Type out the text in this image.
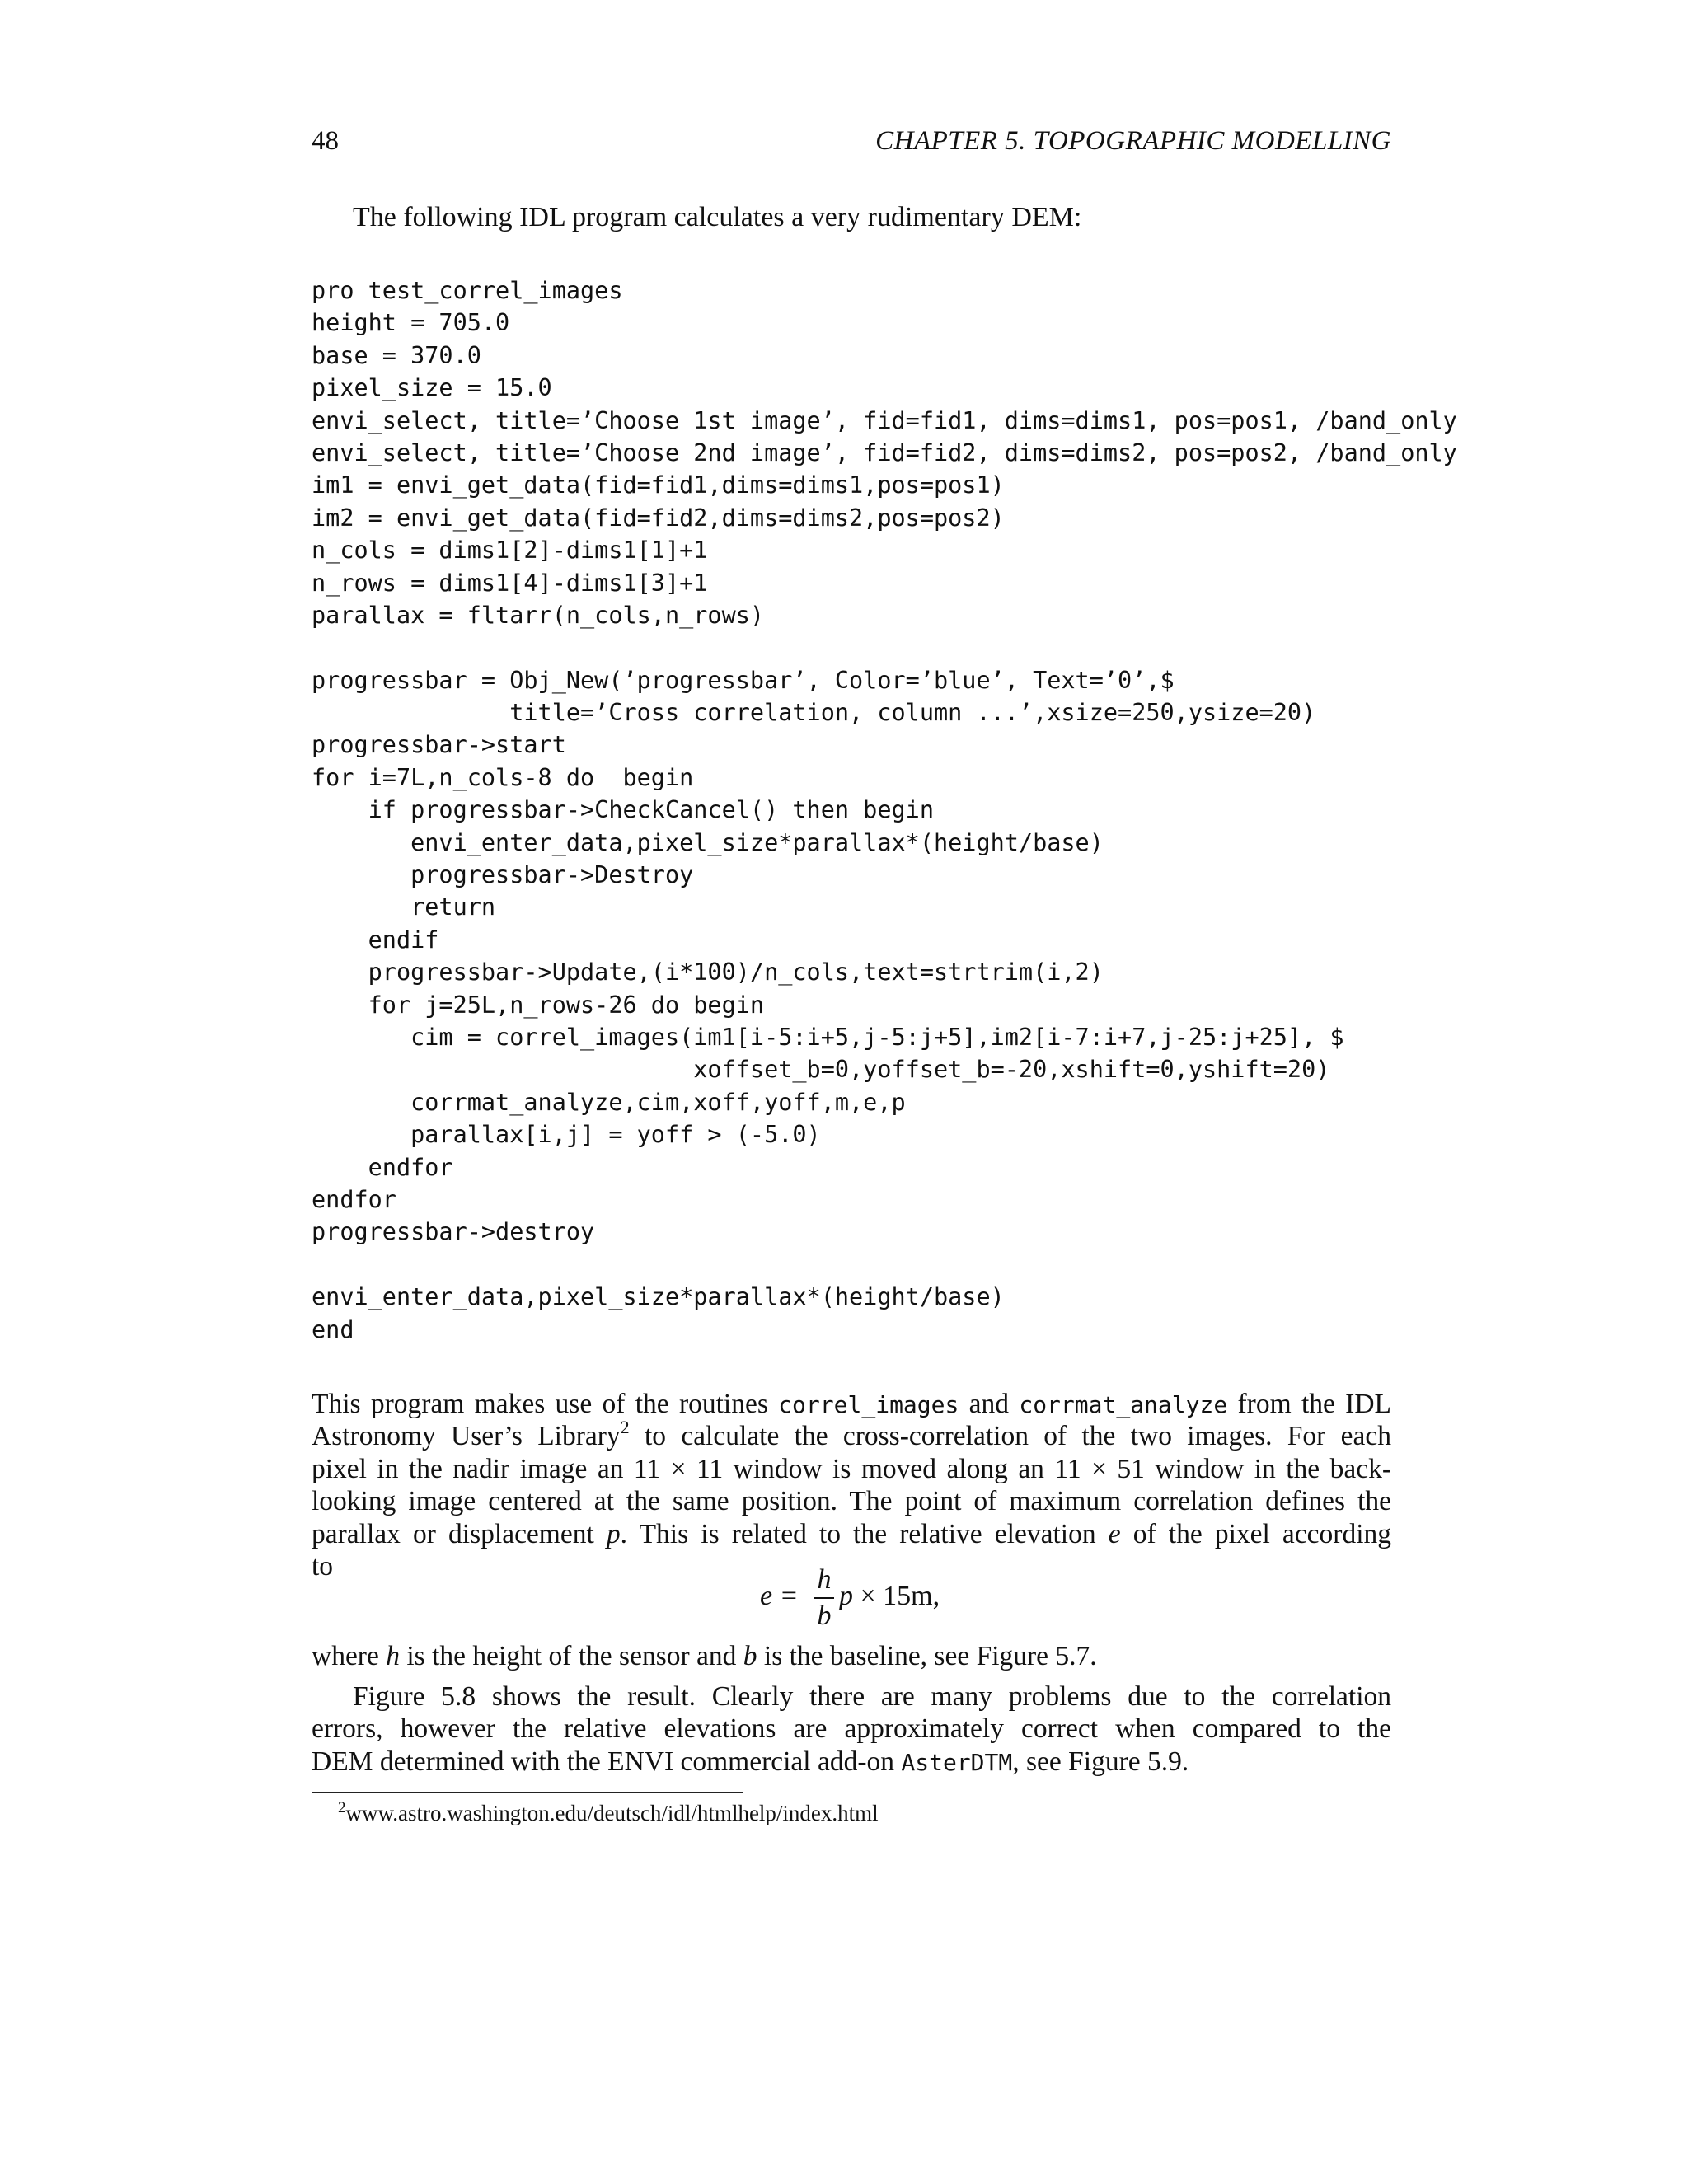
48	CHAPTER 5. TOPOGRAPHIC MODELLING
The following IDL program calculates a very rudimentary DEM:
pro test_correl_images
height = 705.0
base = 370.0
pixel_size = 15.0
envi_select, title=’Choose 1st image’, fid=fid1, dims=dims1, pos=pos1, /band_only
envi_select, title=’Choose 2nd image’, fid=fid2, dims=dims2, pos=pos2, /band_only
im1 = envi_get_data(fid=fid1,dims=dims1,pos=pos1)
im2 = envi_get_data(fid=fid2,dims=dims2,pos=pos2)
n_cols = dims1[2]-dims1[1]+1
n_rows = dims1[4]-dims1[3]+1
parallax = fltarr(n_cols,n_rows)
progressbar = Obj_New(’progressbar’, Color=’blue’, Text=’0’,$
title=’Cross correlation, column ...’,xsize=250,ysize=20)
progressbar->start
for i=7L,n_cols-8 do  begin
if progressbar->CheckCancel() then begin
envi_enter_data,pixel_size*parallax*(height/base)
progressbar->Destroy
return
endif
progressbar->Update,(i*100)/n_cols,text=strtrim(i,2)
for j=25L,n_rows-26 do begin
cim = correl_images(im1[i-5:i+5,j-5:j+5],im2[i-7:i+7,j-25:j+25], $
xoffset_b=0,yoffset_b=-20,xshift=0,yshift=20)
corrmat_analyze,cim,xoff,yoff,m,e,p
parallax[i,j] = yoff > (-5.0)
endfor
endfor
progressbar->destroy
envi_enter_data,pixel_size*parallax*(height/base)
end
This program makes use of the routines correl_images and corrmat_analyze from the IDL
Astronomy User’s Library$^2$ to calculate the cross-correlation of the two images. For each
pixel in the nadir image an 11 × 11 window is moved along an 11 × 51 window in the back-
looking image centered at the same position. The point of maximum correlation defines the
parallax or displacement p. This is related to the relative elevation e of the pixel according
to
e =
h
b
p × 15m,
where h is the height of the sensor and b is the baseline, see Figure 5.7.
Figure 5.8 shows the result. Clearly there are many problems due to the correlation
errors, however the relative elevations are approximately correct when compared to the
DEM determined with the ENVI commercial add-on AsterDTM, see Figure 5.9.
$^2$www.astro.washington.edu/deutsch/idl/htmlhelp/index.html
